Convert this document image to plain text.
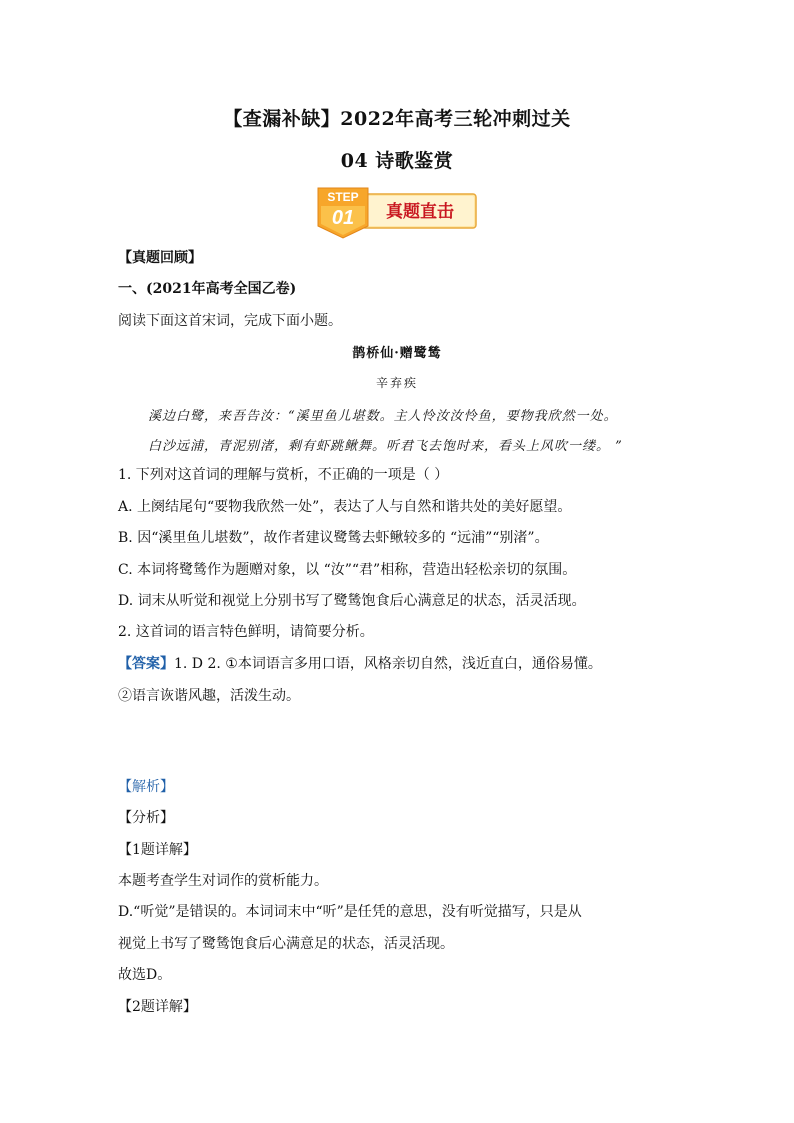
【查漏补缺】2022年高考三轮冲刺过关
04 诗歌鉴赏
STEP
01 真题直击
【真题回顾】
一、(2021年高考全国乙卷)
阅读下面这首宋词，完成下面小题。
鹊桥仙·赠鹭鸶
辛弃疾
溪边白鹭，来吾告汝：“溪里鱼儿堪数。主人怜汝汝怜鱼，要物我欣然一处。
白沙远浦，青泥别渚，剩有虾跳鳅舞。听君飞去饱时来，看头上风吹一缕。 ”
1. 下列对这首词的理解与赏析，不正确的一项是（ ）
A. 上阕结尾句“要物我欣然一处”，表达了人与自然和谐共处的美好愿望。
B. 因“溪里鱼儿堪数”，故作者建议鹭鸶去虾鳅较多的 “远浦”“别渚”。
C. 本词将鹭鸶作为题赠对象，以 “汝”“君”相称，营造出轻松亲切的氛围。
D. 词末从听觉和视觉上分别书写了鹭鸶饱食后心满意足的状态，活灵活现。
2. 这首词的语言特色鲜明，请简要分析。
【答案】1. D 2. ①本词语言多用口语，风格亲切自然，浅近直白，通俗易懂。
②语言诙谐风趣，活泼生动。
【解析】
【分析】
【1题详解】
本题考查学生对词作的赏析能力。
D.“听觉”是错误的。本词词末中“听”是任凭的意思，没有听觉描写，只是从
视觉上书写了鹭鸶饱食后心满意足的状态，活灵活现。
故选D。
【2题详解】
